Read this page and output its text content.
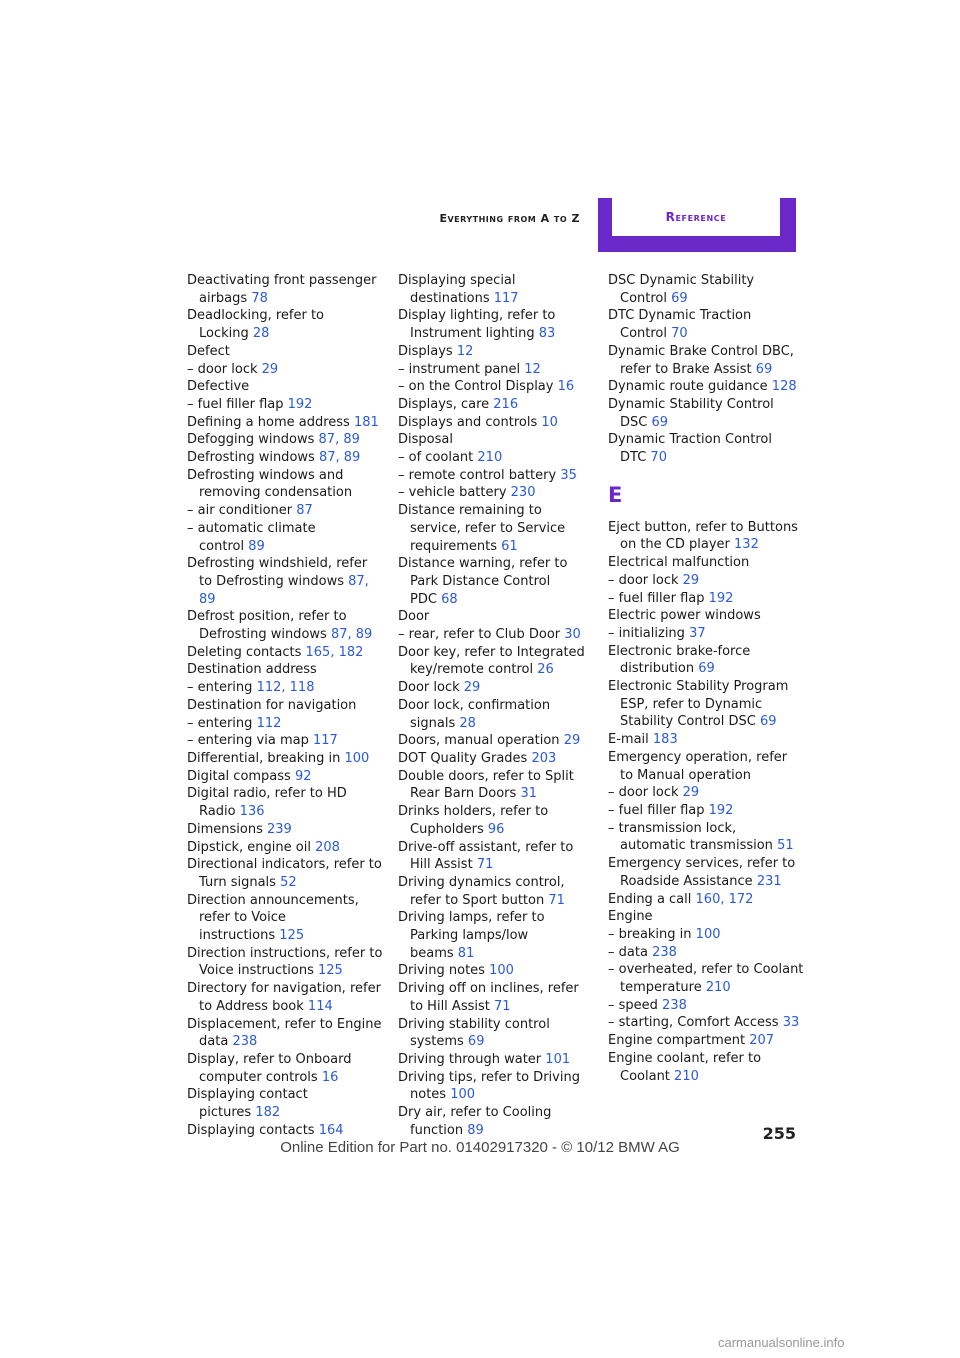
Everything from A to Z	Reference
Deactivating front passenger airbags 78
Deadlocking, refer to Locking 28
Defect
– door lock 29
Defective
– fuel filler flap 192
Defining a home address 181
Defogging windows 87, 89
Defrosting windows 87, 89
Defrosting windows and removing condensation
– air conditioner 87
– automatic climate control 89
Defrosting windshield, refer to Defrosting windows 87, 89
Defrost position, refer to Defrosting windows 87, 89
Deleting contacts 165, 182
Destination address
– entering 112, 118
Destination for navigation
– entering 112
– entering via map 117
Differential, breaking in 100
Digital compass 92
Digital radio, refer to HD Radio 136
Dimensions 239
Dipstick, engine oil 208
Directional indicators, refer to Turn signals 52
Direction announcements, refer to Voice instructions 125
Direction instructions, refer to Voice instructions 125
Directory for navigation, refer to Address book 114
Displacement, refer to Engine data 238
Display, refer to Onboard computer controls 16
Displaying contact pictures 182
Displaying contacts 164
Displaying special destinations 117
Display lighting, refer to Instrument lighting 83
Displays 12
– instrument panel 12
– on the Control Display 16
Displays, care 216
Displays and controls 10
Disposal
– of coolant 210
– remote control battery 35
– vehicle battery 230
Distance remaining to service, refer to Service requirements 61
Distance warning, refer to Park Distance Control PDC 68
Door
– rear, refer to Club Door 30
Door key, refer to Integrated key/remote control 26
Door lock 29
Door lock, confirmation signals 28
Doors, manual operation 29
DOT Quality Grades 203
Double doors, refer to Split Rear Barn Doors 31
Drinks holders, refer to Cupholders 96
Drive-off assistant, refer to Hill Assist 71
Driving dynamics control, refer to Sport button 71
Driving lamps, refer to Parking lamps/low beams 81
Driving notes 100
Driving off on inclines, refer to Hill Assist 71
Driving stability control systems 69
Driving through water 101
Driving tips, refer to Driving notes 100
Dry air, refer to Cooling function 89
DSC Dynamic Stability Control 69
DTC Dynamic Traction Control 70
Dynamic Brake Control DBC, refer to Brake Assist 69
Dynamic route guidance 128
Dynamic Stability Control DSC 69
Dynamic Traction Control DTC 70
E
Eject button, refer to Buttons on the CD player 132
Electrical malfunction
– door lock 29
– fuel filler flap 192
Electric power windows
– initializing 37
Electronic brake-force distribution 69
Electronic Stability Program ESP, refer to Dynamic Stability Control DSC 69
E-mail 183
Emergency operation, refer to Manual operation
– door lock 29
– fuel filler flap 192
– transmission lock, automatic transmission 51
Emergency services, refer to Roadside Assistance 231
Ending a call 160, 172
Engine
– breaking in 100
– data 238
– overheated, refer to Coolant temperature 210
– speed 238
– starting, Comfort Access 33
Engine compartment 207
Engine coolant, refer to Coolant 210
255
Online Edition for Part no. 01402917320 - © 10/12 BMW AG
carmanualsonline.info
